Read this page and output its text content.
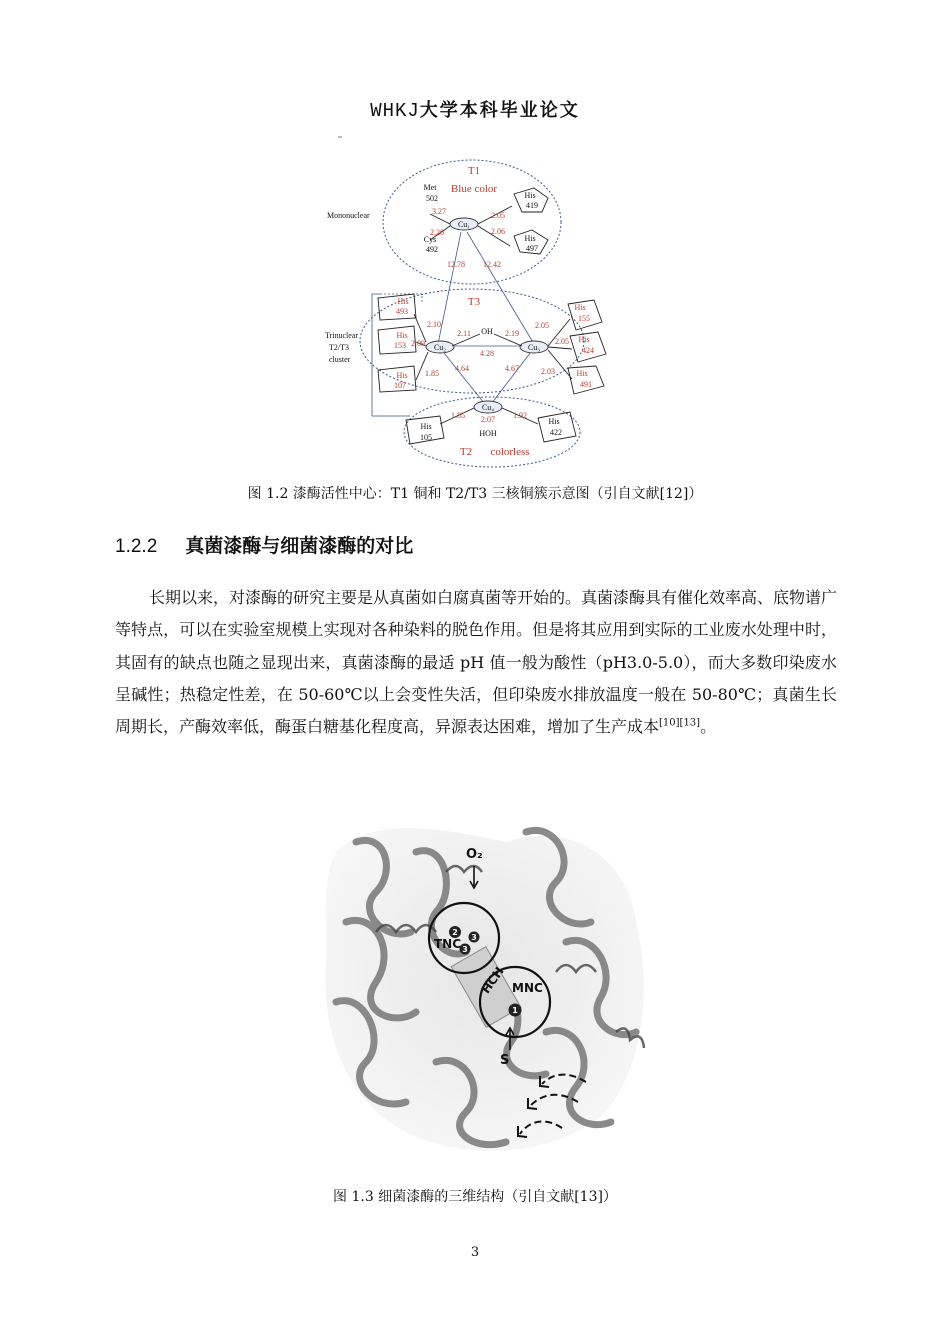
WHKJ大学本科毕业论文
T1
Blue color
T3
T2 colorless
3.27
2.20
2.05
2.06
12.78 12.42
2.10
2.11	2.19
2.09
4.28
1.85
4.64	4.67
2.05
2.05
2.03
1.85 2.07 1.92
His
493
His
153
His
107
His
155
His
424
His
491
Cu₁
Cu₂	Cu₃
Cu₄
OH
HOH
Met
502
Cys
492
His
419
His
497
His
105
His
422
Mononuclear
Trinuclear
T2/T3
cluster
图 1.2 漆酶活性中心：T1 铜和 T2/T3 三核铜簇示意图（引自文献[12]）
1.2.2 真菌漆酶与细菌漆酶的对比
长期以来，对漆酶的研究主要是从真菌如白腐真菌等开始的。真菌漆酶具有催化效率高、底物谱广等特点，可以在实验室规模上实现对各种染料的脱色作用。但是将其应用到实际的工业废水处理中时，其固有的缺点也随之显现出来，真菌漆酶的最适 pH 值一般为酸性（pH3.0-5.0），而大多数印染废水呈碱性；热稳定性差，在 50-60℃以上会变性失活，但印染废水排放温度一般在 50-80℃；真菌生长周期长，产酶效率低，酶蛋白糖基化程度高，异源表达困难，增加了生产成本[10][13]。
2
3
3
1
O₂
TNC
HCH MNC
S
图 1.3 细菌漆酶的三维结构（引自文献[13]）
3
